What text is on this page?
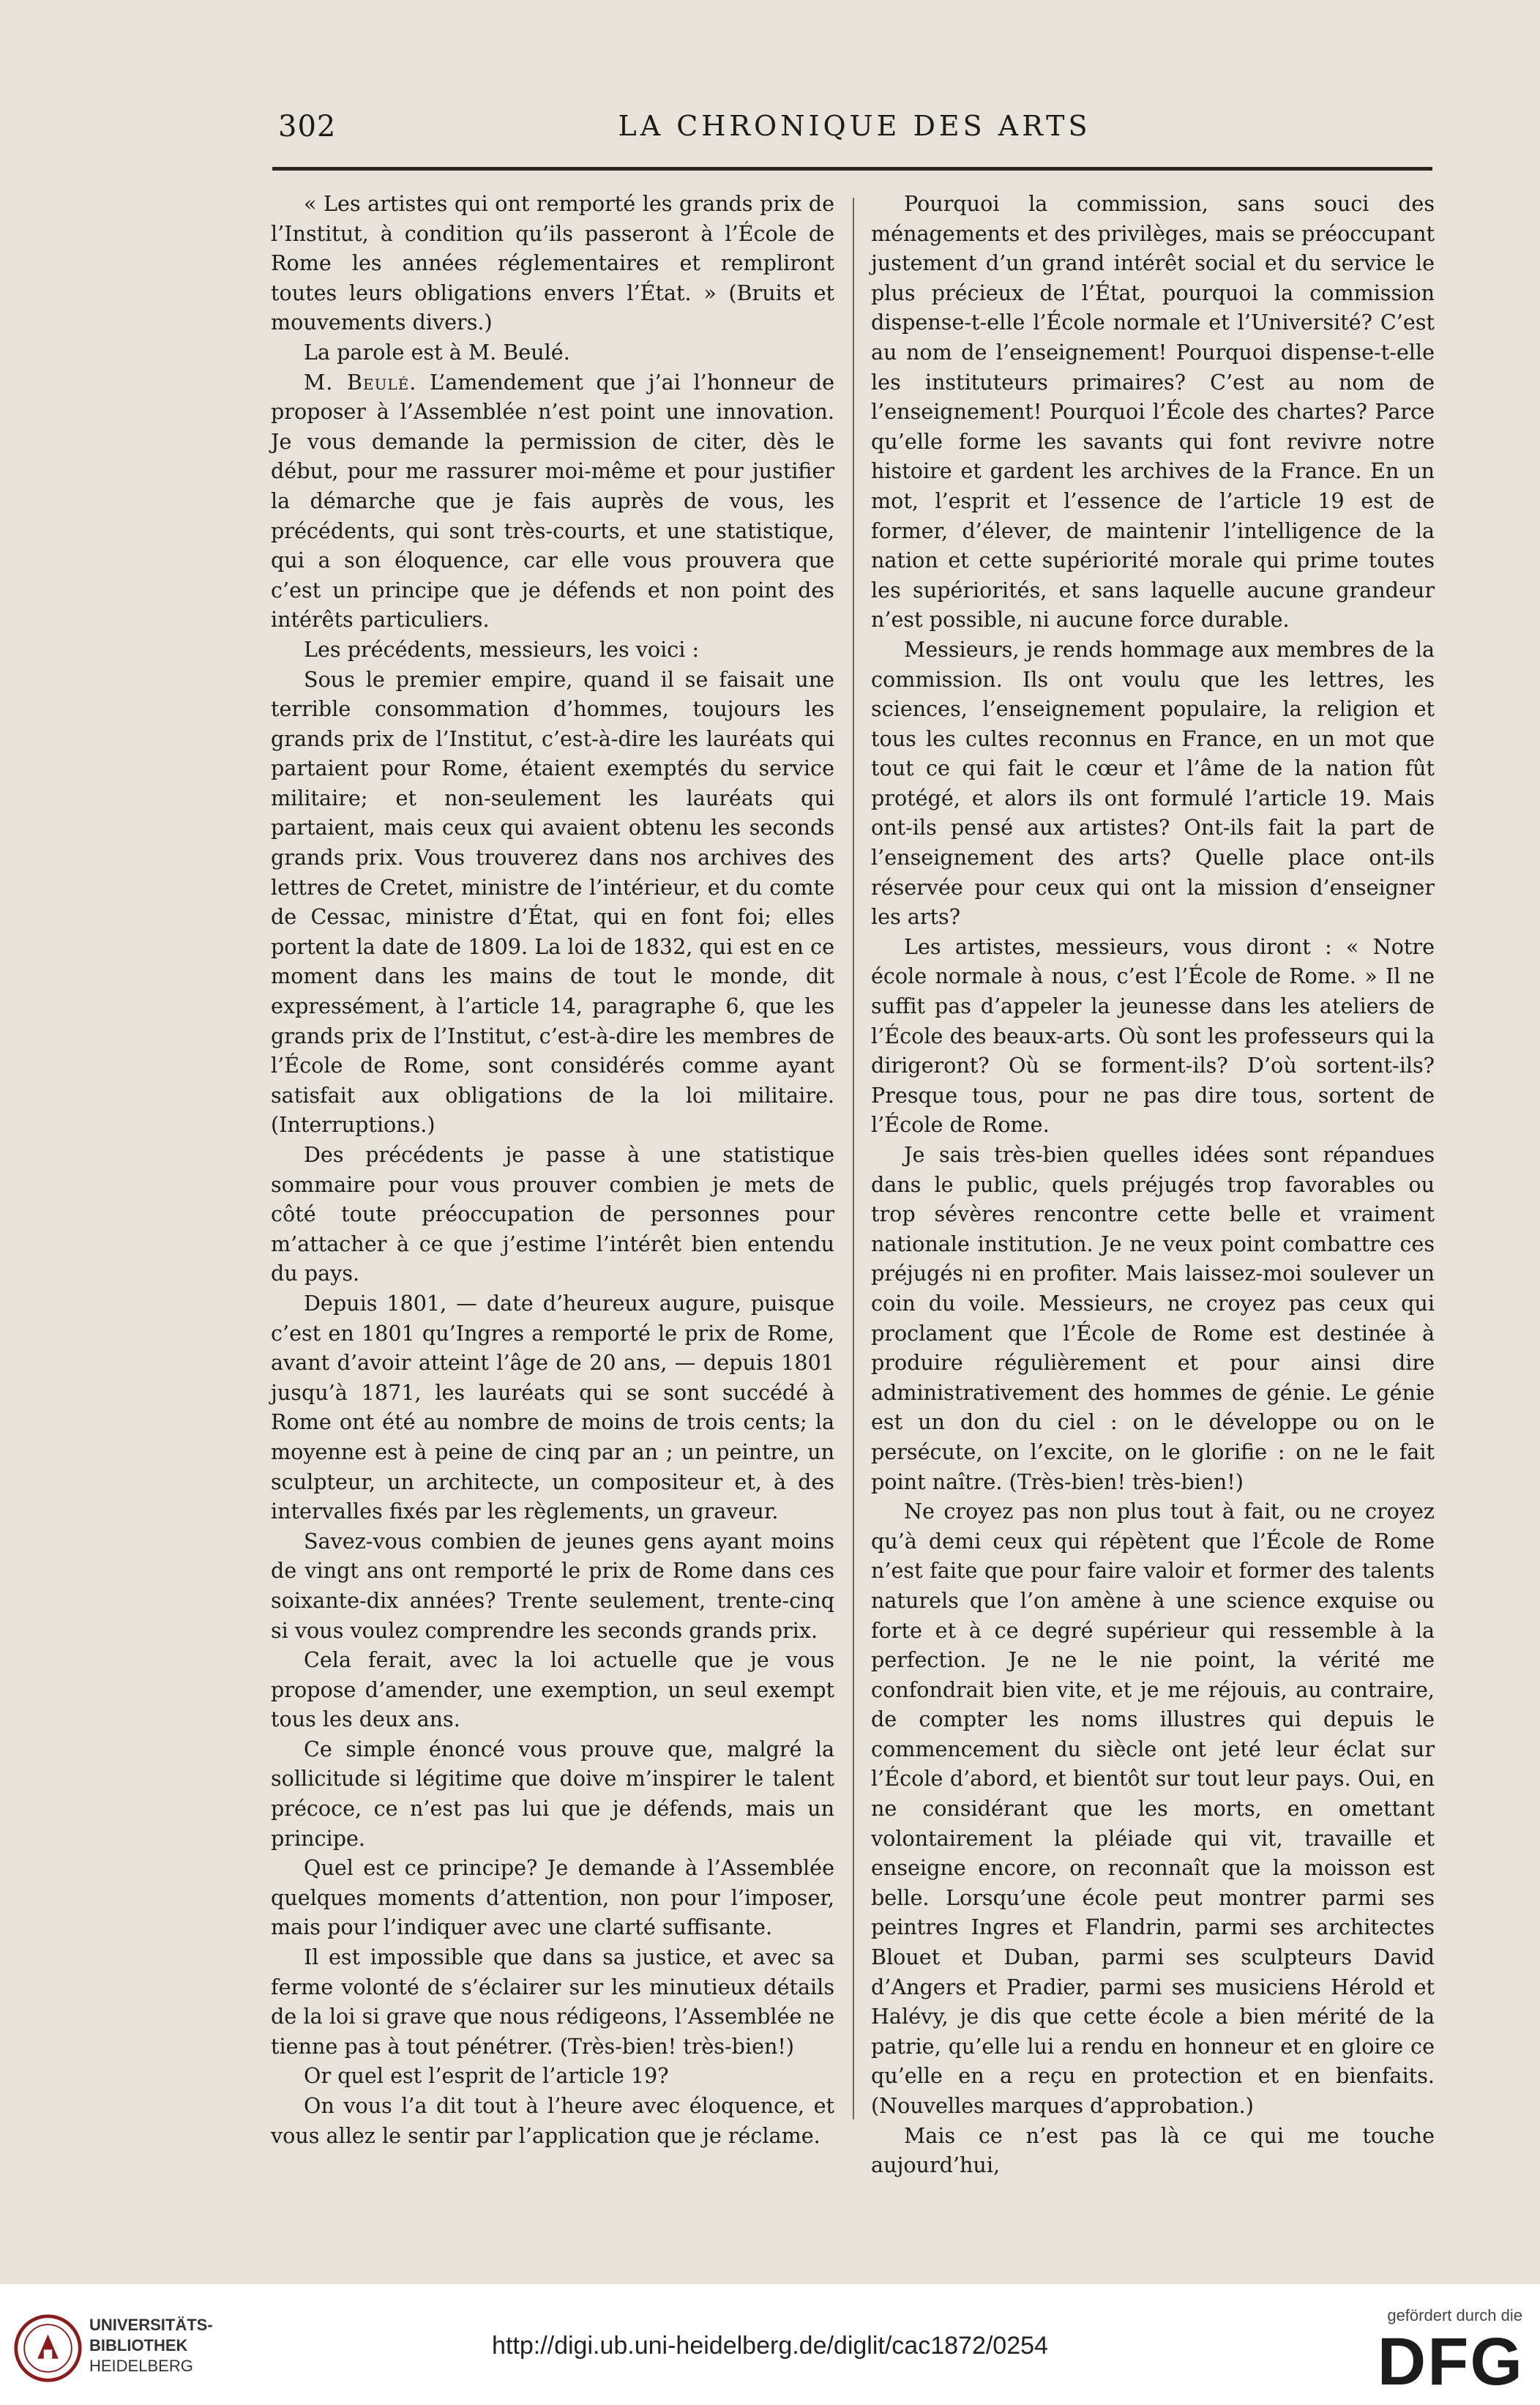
302	LA CHRONIQUE DES ARTS

« Les artistes qui ont remporté les grands prix de l’Institut, à condition qu’ils passeront à l’École de Rome les années réglementaires et rempliront toutes leurs obligations envers l’État. » (Bruits et mouvements divers.)

La parole est à M. Beulé.

M. Beulé. L’amendement que j’ai l’honneur de proposer à l’Assemblée n’est point une innovation. Je vous demande la permission de citer, dès le début, pour me rassurer moi-même et pour justifier la démarche que je fais auprès de vous, les précédents, qui sont très-courts, et une statistique, qui a son éloquence, car elle vous prouvera que c’est un principe que je défends et non point des intérêts particuliers.

Les précédents, messieurs, les voici :

Sous le premier empire, quand il se faisait une terrible consommation d’hommes, toujours les grands prix de l’Institut, c’est-à-dire les lauréats qui partaient pour Rome, étaient exemptés du service militaire; et non-seulement les lauréats qui partaient, mais ceux qui avaient obtenu les seconds grands prix. Vous trouverez dans nos archives des lettres de Cretet, ministre de l’intérieur, et du comte de Cessac, ministre d’État, qui en font foi; elles portent la date de 1809. La loi de 1832, qui est en ce moment dans les mains de tout le monde, dit expressément, à l’article 14, paragraphe 6, que les grands prix de l’Institut, c’est-à-dire les membres de l’École de Rome, sont considérés comme ayant satisfait aux obligations de la loi militaire. (Interruptions.)

Des précédents je passe à une statistique sommaire pour vous prouver combien je mets de côté toute préoccupation de personnes pour m’attacher à ce que j’estime l’intérêt bien entendu du pays.

Depuis 1801, — date d’heureux augure, puisque c’est en 1801 qu’Ingres a remporté le prix de Rome, avant d’avoir atteint l’âge de 20 ans, — depuis 1801 jusqu’à 1871, les lauréats qui se sont succédé à Rome ont été au nombre de moins de trois cents; la moyenne est à peine de cinq par an ; un peintre, un sculpteur, un architecte, un compositeur et, à des intervalles fixés par les règlements, un graveur.

Savez-vous combien de jeunes gens ayant moins de vingt ans ont remporté le prix de Rome dans ces soixante-dix années? Trente seulement, trente-cinq si vous voulez comprendre les seconds grands prix.

Cela ferait, avec la loi actuelle que je vous propose d’amender, une exemption, un seul exempt tous les deux ans.

Ce simple énoncé vous prouve que, malgré la sollicitude si légitime que doive m’inspirer le talent précoce, ce n’est pas lui que je défends, mais un principe.

Quel est ce principe? Je demande à l’Assemblée quelques moments d’attention, non pour l’imposer, mais pour l’indiquer avec une clarté suffisante.

Il est impossible que dans sa justice, et avec sa ferme volonté de s’éclairer sur les minutieux détails de la loi si grave que nous rédigeons, l’Assemblée ne tienne pas à tout pénétrer. (Très-bien! très-bien!)

Or quel est l’esprit de l’article 19?

On vous l’a dit tout à l’heure avec éloquence, et vous allez le sentir par l’application que je réclame.

Pourquoi la commission, sans souci des ménagements et des privilèges, mais se préoccupant justement d’un grand intérêt social et du service le plus précieux de l’État, pourquoi la commission dispense-t-elle l’École normale et l’Université? C’est au nom de l’enseignement! Pourquoi dispense-t-elle les instituteurs primaires? C’est au nom de l’enseignement! Pourquoi l’École des chartes? Parce qu’elle forme les savants qui font revivre notre histoire et gardent les archives de la France. En un mot, l’esprit et l’essence de l’article 19 est de former, d’élever, de maintenir l’intelligence de la nation et cette supériorité morale qui prime toutes les supériorités, et sans laquelle aucune grandeur n’est possible, ni aucune force durable.

Messieurs, je rends hommage aux membres de la commission. Ils ont voulu que les lettres, les sciences, l’enseignement populaire, la religion et tous les cultes reconnus en France, en un mot que tout ce qui fait le cœur et l’âme de la nation fût protégé, et alors ils ont formulé l’article 19. Mais ont-ils pensé aux artistes? Ont-ils fait la part de l’enseignement des arts? Quelle place ont-ils réservée pour ceux qui ont la mission d’enseigner les arts?

Les artistes, messieurs, vous diront : « Notre école normale à nous, c’est l’École de Rome. » Il ne suffit pas d’appeler la jeunesse dans les ateliers de l’École des beaux-arts. Où sont les professeurs qui la dirigeront? Où se forment-ils? D’où sortent-ils? Presque tous, pour ne pas dire tous, sortent de l’École de Rome.

Je sais très-bien quelles idées sont répandues dans le public, quels préjugés trop favorables ou trop sévères rencontre cette belle et vraiment nationale institution. Je ne veux point combattre ces préjugés ni en profiter. Mais laissez-moi soulever un coin du voile. Messieurs, ne croyez pas ceux qui proclament que l’École de Rome est destinée à produire régulièrement et pour ainsi dire administrativement des hommes de génie. Le génie est un don du ciel : on le développe ou on le persécute, on l’excite, on le glorifie : on ne le fait point naître. (Très-bien! très-bien!)

Ne croyez pas non plus tout à fait, ou ne croyez qu’à demi ceux qui répètent que l’École de Rome n’est faite que pour faire valoir et former des talents naturels que l’on amène à une science exquise ou forte et à ce degré supérieur qui ressemble à la perfection. Je ne le nie point, la vérité me confondrait bien vite, et je me réjouis, au contraire, de compter les noms illustres qui depuis le commencement du siècle ont jeté leur éclat sur l’École d’abord, et bientôt sur tout leur pays. Oui, en ne considérant que les morts, en omettant volontairement la pléiade qui vit, travaille et enseigne encore, on reconnaît que la moisson est belle. Lorsqu’une école peut montrer parmi ses peintres Ingres et Flandrin, parmi ses architectes Blouet et Duban, parmi ses sculpteurs David d’Angers et Pradier, parmi ses musiciens Hérold et Halévy, je dis que cette école a bien mérité de la patrie, qu’elle lui a rendu en honneur et en gloire ce qu’elle en a reçu en protection et en bienfaits. (Nouvelles marques d’approbation.)

Mais ce n’est pas là ce qui me touche aujourd’hui,

UNIVERSITÄTS-
BIBLIOTHEK
HEIDELBERG
http://digi.ub.uni-heidelberg.de/diglit/cac1872/0254
gefördert durch die
DFG
